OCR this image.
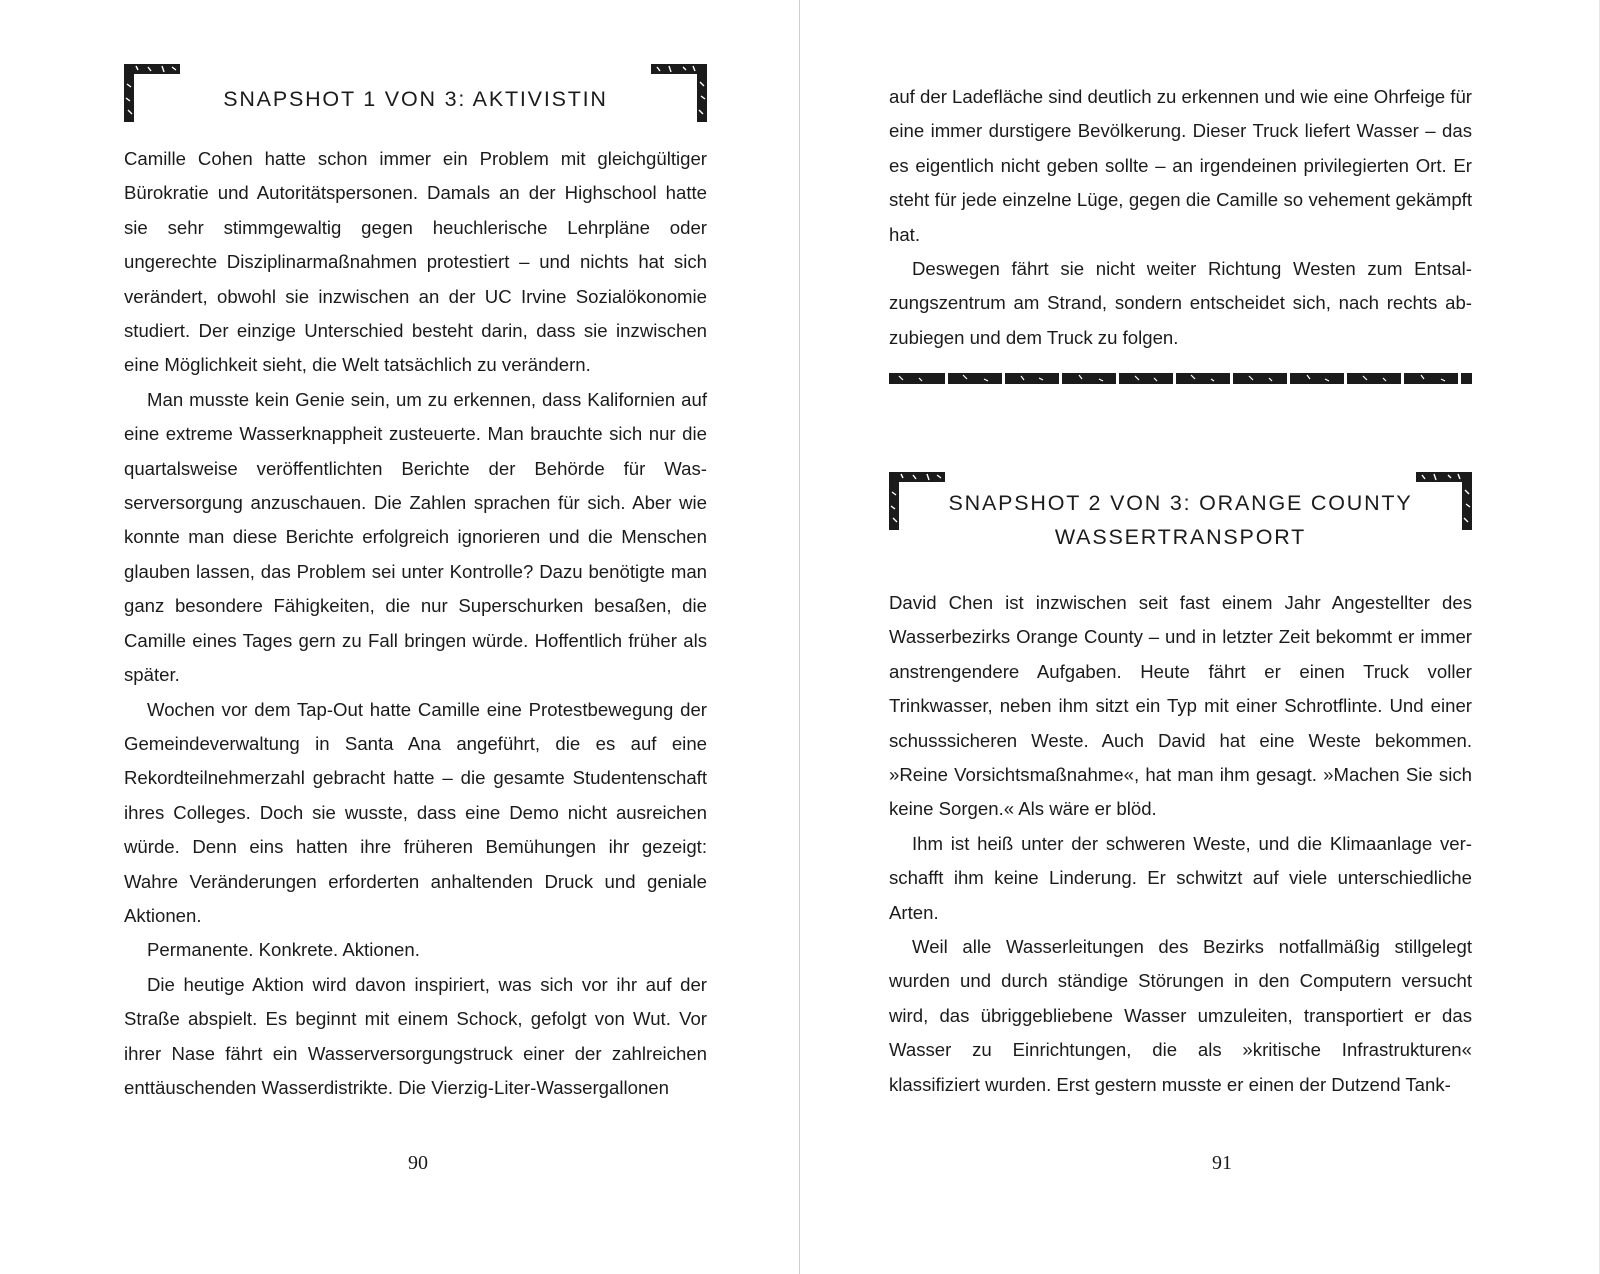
SNAPSHOT 1 VON 3: AKTIVISTIN

Camille Cohen hatte schon immer ein Problem mit gleichgültiger Bürokratie und Autoritätspersonen. Damals an der Highschool hatte sie sehr stimmgewaltig gegen heuchlerische Lehrpläne oder ungerechte Disziplinarmaßnahmen protestiert – und nichts hat sich verändert, obwohl sie inzwischen an der UC Irvine Sozialökonomie studiert. Der einzige Unterschied besteht darin, dass sie inzwischen eine Möglichkeit sieht, die Welt tatsächlich zu verändern.

Man musste kein Genie sein, um zu erkennen, dass Kalifornien auf eine extreme Wasserknappheit zusteuerte. Man brauchte sich nur die quartalsweise veröffentlichten Berichte der Behörde für Wasserversorgung anzuschauen. Die Zahlen sprachen für sich. Aber wie konnte man diese Berichte erfolgreich ignorieren und die Menschen glauben lassen, das Problem sei unter Kontrolle? Dazu benötigte man ganz besondere Fähigkeiten, die nur Superschurken besaßen, die Camille eines Tages gern zu Fall bringen würde. Hoffentlich früher als später.

Wochen vor dem Tap-Out hatte Camille eine Protestbewegung der Gemeindeverwaltung in Santa Ana angeführt, die es auf eine Rekordteilnehmerzahl gebracht hatte – die gesamte Studentenschaft ihres Colleges. Doch sie wusste, dass eine Demo nicht ausreichen würde. Denn eins hatten ihre früheren Bemühungen ihr gezeigt: Wahre Veränderungen erforderten anhaltenden Druck und geniale Aktionen.

Permanente. Konkrete. Aktionen.

Die heutige Aktion wird davon inspiriert, was sich vor ihr auf der Straße abspielt. Es beginnt mit einem Schock, gefolgt von Wut. Vor ihrer Nase fährt ein Wasserversorgungstruck einer der zahlreichen enttäuschenden Wasserdistrikte. Die Vierzig-Liter-Wassergallonen

90

auf der Ladefläche sind deutlich zu erkennen und wie eine Ohrfeige für eine immer durstigere Bevölkerung. Dieser Truck liefert Wasser – das es eigentlich nicht geben sollte – an irgendeinen privilegierten Ort. Er steht für jede einzelne Lüge, gegen die Camille so vehement gekämpft hat.

Deswegen fährt sie nicht weiter Richtung Westen zum Entsalzungszentrum am Strand, sondern entscheidet sich, nach rechts abzubiegen und dem Truck zu folgen.

SNAPSHOT 2 VON 3: ORANGE COUNTY
WASSERTRANSPORT

David Chen ist inzwischen seit fast einem Jahr Angestellter des Wasserbezirks Orange County – und in letzter Zeit bekommt er immer anstrengendere Aufgaben. Heute fährt er einen Truck voller Trinkwasser, neben ihm sitzt ein Typ mit einer Schrotflinte. Und einer schusssicheren Weste. Auch David hat eine Weste bekommen. »Reine Vorsichtsmaßnahme«, hat man ihm gesagt. »Machen Sie sich keine Sorgen.« Als wäre er blöd.

Ihm ist heiß unter der schweren Weste, und die Klimaanlage verschafft ihm keine Linderung. Er schwitzt auf viele unterschiedliche Arten.

Weil alle Wasserleitungen des Bezirks notfallmäßig stillgelegt wurden und durch ständige Störungen in den Computern versucht wird, das übriggebliebene Wasser umzuleiten, transportiert er das Wasser zu Einrichtungen, die als »kritische Infrastrukturen« klassifiziert wurden. Erst gestern musste er einen der Dutzend Tank-

91
